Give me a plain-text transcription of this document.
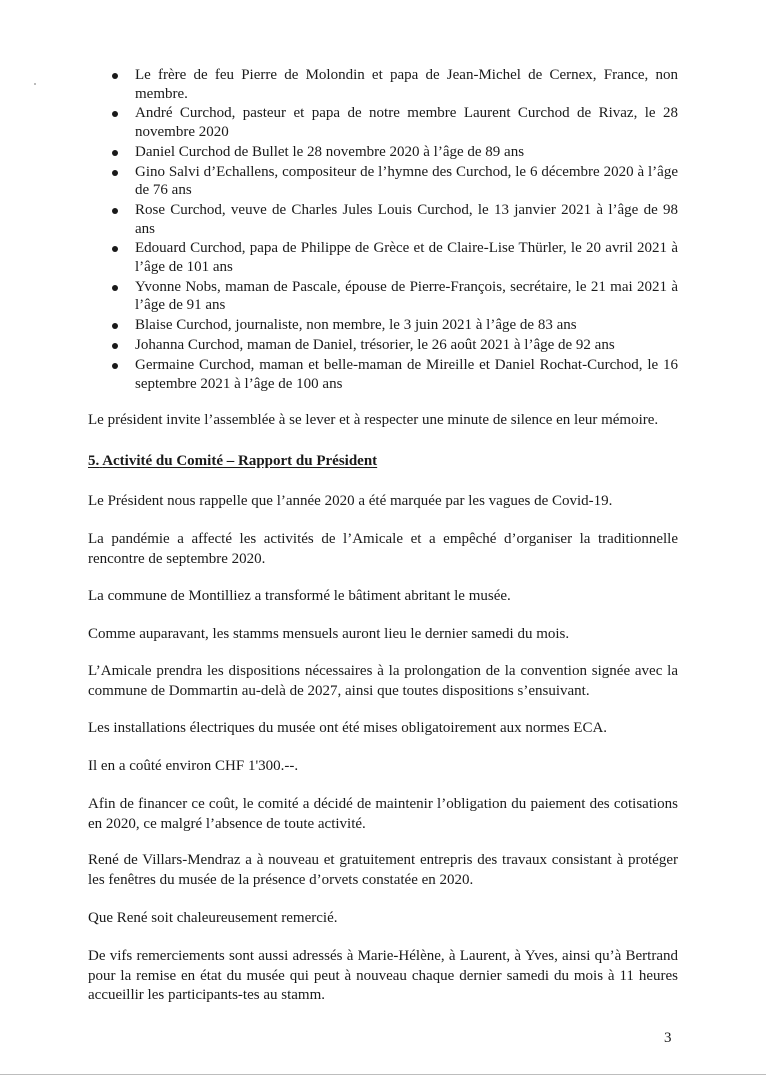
Le frère de feu Pierre de Molondin et papa de Jean-Michel de Cernex, France, non membre.
André Curchod, pasteur et papa de notre membre Laurent Curchod de Rivaz, le 28 novembre 2020
Daniel Curchod de Bullet le 28 novembre 2020 à l’âge de 89 ans
Gino Salvi d’Echallens, compositeur de l’hymne des Curchod, le 6 décembre 2020 à l’âge de 76 ans
Rose Curchod, veuve de Charles Jules Louis Curchod, le 13 janvier 2021 à l’âge de 98 ans
Edouard Curchod, papa de Philippe de Grèce et de Claire-Lise Thürler, le 20 avril 2021 à l’âge de 101 ans
Yvonne Nobs, maman de Pascale, épouse de Pierre-François, secrétaire, le 21 mai 2021 à l’âge de 91 ans
Blaise Curchod, journaliste, non membre, le 3 juin 2021 à l’âge de 83 ans
Johanna Curchod, maman de Daniel, trésorier, le 26 août 2021 à l’âge de 92 ans
Germaine Curchod, maman et belle-maman de Mireille et Daniel Rochat-Curchod, le 16 septembre 2021 à l’âge de 100 ans

Le président invite l’assemblée à se lever et à respecter une minute de silence en leur mémoire.

5. Activité du Comité – Rapport du Président

Le Président nous rappelle que l’année 2020 a été marquée par les vagues de Covid-19.

La pandémie a affecté les activités de l’Amicale et a empêché d’organiser la traditionnelle rencontre de septembre 2020.

La commune de Montilliez a transformé le bâtiment abritant le musée.

Comme auparavant, les stamms mensuels auront lieu le dernier samedi du mois.

L’Amicale prendra les dispositions nécessaires à la prolongation de la convention signée avec la commune de Dommartin au-delà de 2027, ainsi que toutes dispositions s’ensuivant.

Les installations électriques du musée ont été mises obligatoirement aux normes ECA.

Il en a coûté environ CHF 1'300.--.

Afin de financer ce coût, le comité a décidé de maintenir l’obligation du paiement des cotisations en 2020, ce malgré l’absence de toute activité.

René de Villars-Mendraz a à nouveau et gratuitement entrepris des travaux consistant à protéger les fenêtres du musée de la présence d’orvets constatée en 2020.

Que René soit chaleureusement remercié.

De vifs remerciements sont aussi adressés à Marie-Hélène, à Laurent, à Yves, ainsi qu’à Bertrand pour la remise en état du musée qui peut à nouveau chaque dernier samedi du mois à 11 heures accueillir les participants-tes au stamm.

3
